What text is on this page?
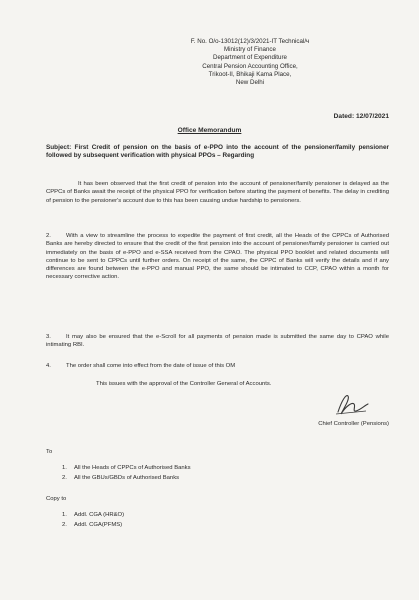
F. No. O/o-13012(12)/3/2021-IT Technical/ч
Ministry of Finance
Department of Expenditure
Central Pension Accounting Office,
Trikoot-II, Bhikaji Kama Place,
New Delhi
Dated: 12/07/2021
Office Memorandum
Subject: First Credit of pension on the basis of e-PPO into the account of the pensioner/family pensioner followed by subsequent verification with physical PPOs – Regarding
It has been observed that the first credit of pension into the account of pensioner/family pensioner is delayed as the CPPCs of Banks await the receipt of the physical PPO for verification before starting the payment of benefits. The delay in crediting of pension to the pensioner's account due to this has been causing undue hardship to pensioners.
2.	With a view to streamline the process to expedite the payment of first credit, all the Heads of the CPPCs of Authorised Banks are hereby directed to ensure that the credit of the first pension into the account of pensioner/family pensioner is carried out immediately on the basis of e-PPO and e-SSA received from the CPAO. The physical PPO booklet and related documents will continue to be sent to CPPCs until further orders. On receipt of the same, the CPPC of Banks will verify the details and if any differences are found between the e-PPO and manual PPO, the same should be intimated to CCP, CPAO within a month for necessary corrective action.
3.	It may also be ensured that the e-Scroll for all payments of pension made is submitted the same day to CPAO while intimating RBI.
4.	The order shall come into effect from the date of issue of this OM
This issues with the approval of the Controller General of Accounts.
Chief Controller (Pensions)
To
1. All the Heads of CPPCs of Authorised Banks
2. All the GBUs/GBDs of Authorised Banks
Copy to
1. Addl. CGA (HR&O)
2. Addl. CGA(PFMS)
